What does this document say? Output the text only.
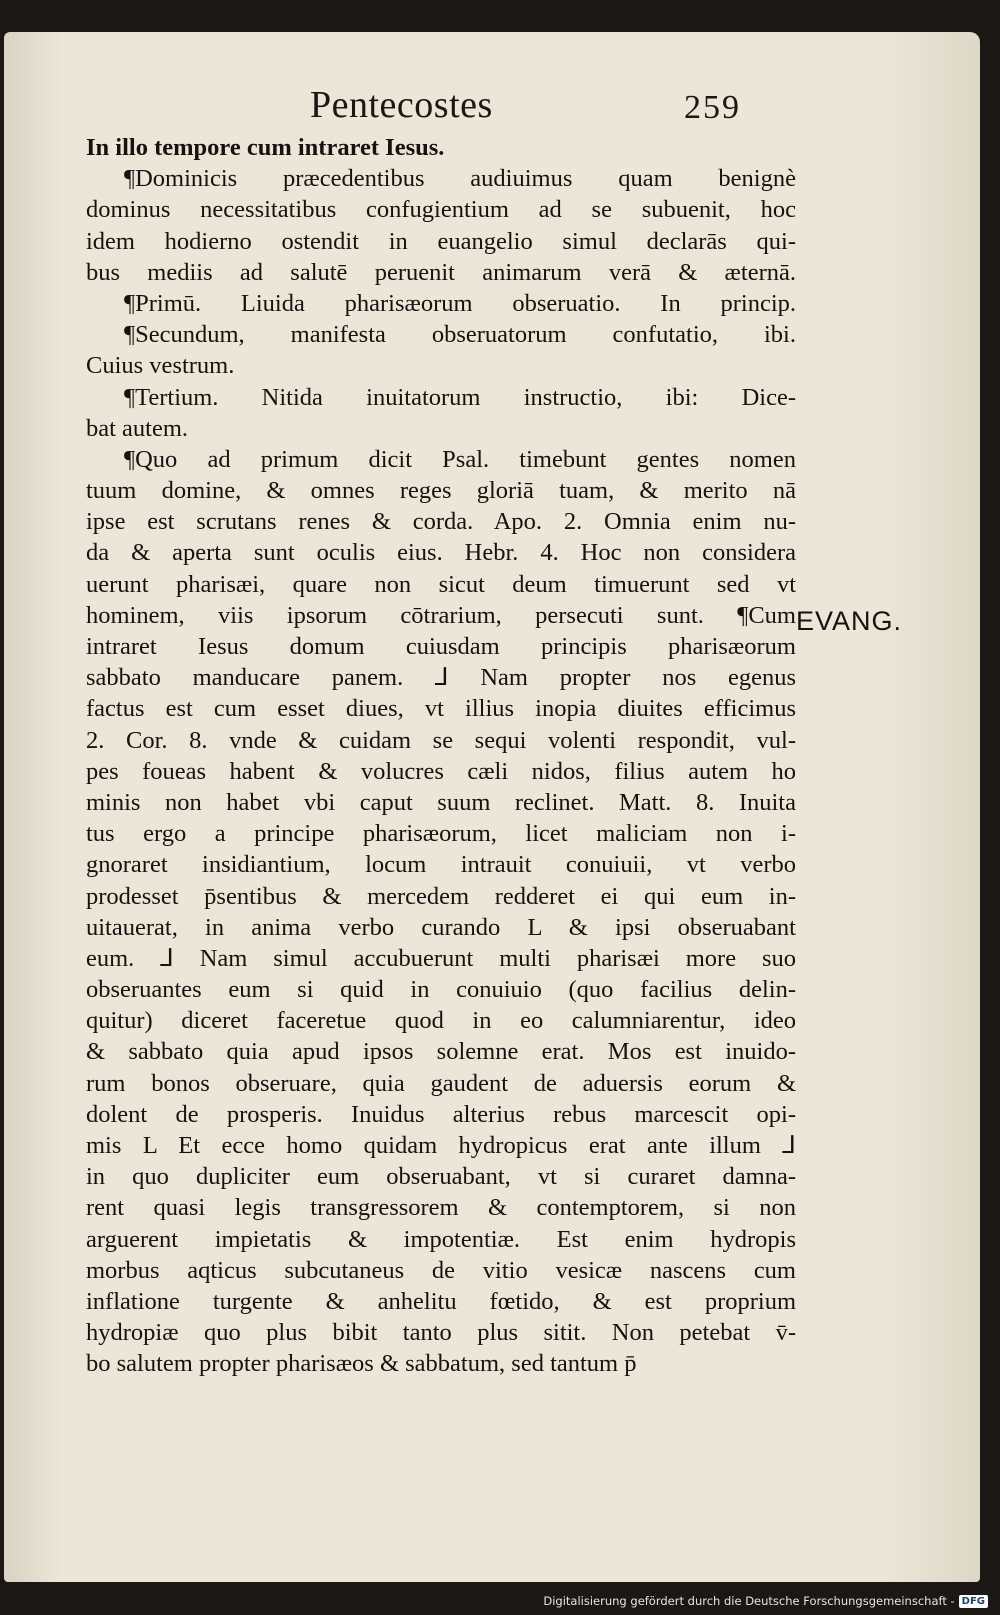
Pentecostes	259
In illo tempore cum intraret Iesus.
¶Dominicis præcedentibus audiuimus quam benignè
dominus necessitatibus confugientium ad se subuenit, hoc
idem hodierno ostendit in euangelio simul declarās qui-
bus mediis ad salutē peruenit animarum verā & æternā.
¶Primū. Liuida pharisæorum obseruatio. In princip.
¶Secundum, manifesta obseruatorum confutatio, ibi.
Cuius vestrum.
¶Tertium. Nitida inuitatorum instructio, ibi: Dice-
bat autem.
¶Quo ad primum dicit Psal. timebunt gentes nomen
tuum domine, & omnes reges gloriā tuam, & merito nā
ipse est scrutans renes & corda. Apo. 2. Omnia enim nu-
da & aperta sunt oculis eius. Hebr. 4. Hoc non considera
uerunt pharisæi, quare non sicut deum timuerunt sed vt
hominem, viis ipsorum cōtrarium, persecuti sunt. ¶Cum
intraret Iesus domum cuiusdam principis pharisæorum
sabbato manducare panem. ⅃ Nam propter nos egenus
factus est cum esset diues, vt illius inopia diuites efficimus
2. Cor. 8. vnde & cuidam se sequi volenti respondit, vul-
pes foueas habent & volucres cæli nidos, filius autem ho
minis non habet vbi caput suum reclinet. Matt. 8. Inuita
tus ergo a principe pharisæorum, licet maliciam non i-
gnoraret insidiantium, locum intrauit conuiuii, vt verbo
prodesset p̄sentibus & mercedem redderet ei qui eum in-
uitauerat, in anima verbo curando L & ipsi obseruabant
eum. ⅃ Nam simul accubuerunt multi pharisæi more suo
obseruantes eum si quid in conuiuio (quo facilius delin-
quitur) diceret faceretue quod in eo calumniarentur, ideo
& sabbato quia apud ipsos solemne erat. Mos est inuido-
rum bonos obseruare, quia gaudent de aduersis eorum &
dolent de prosperis. Inuidus alterius rebus marcescit opi-
mis L Et ecce homo quidam hydropicus erat ante illum ⅃
in quo dupliciter eum obseruabant, vt si curaret damna-
rent quasi legis transgressorem & contemptorem, si non
arguerent impietatis & impotentiæ. Est enim hydropis
morbus aqticus subcutaneus de vitio vesicæ nascens cum
inflatione turgente & anhelitu fœtido, & est proprium
hydropiæ quo plus bibit tanto plus sitit. Non petebat v̄-
bo salutem propter pharisæos & sabbatum, sed tantum p̄
EVANG.
Digitalisierung gefördert durch die Deutsche Forschungsgemeinschaft - DFG
